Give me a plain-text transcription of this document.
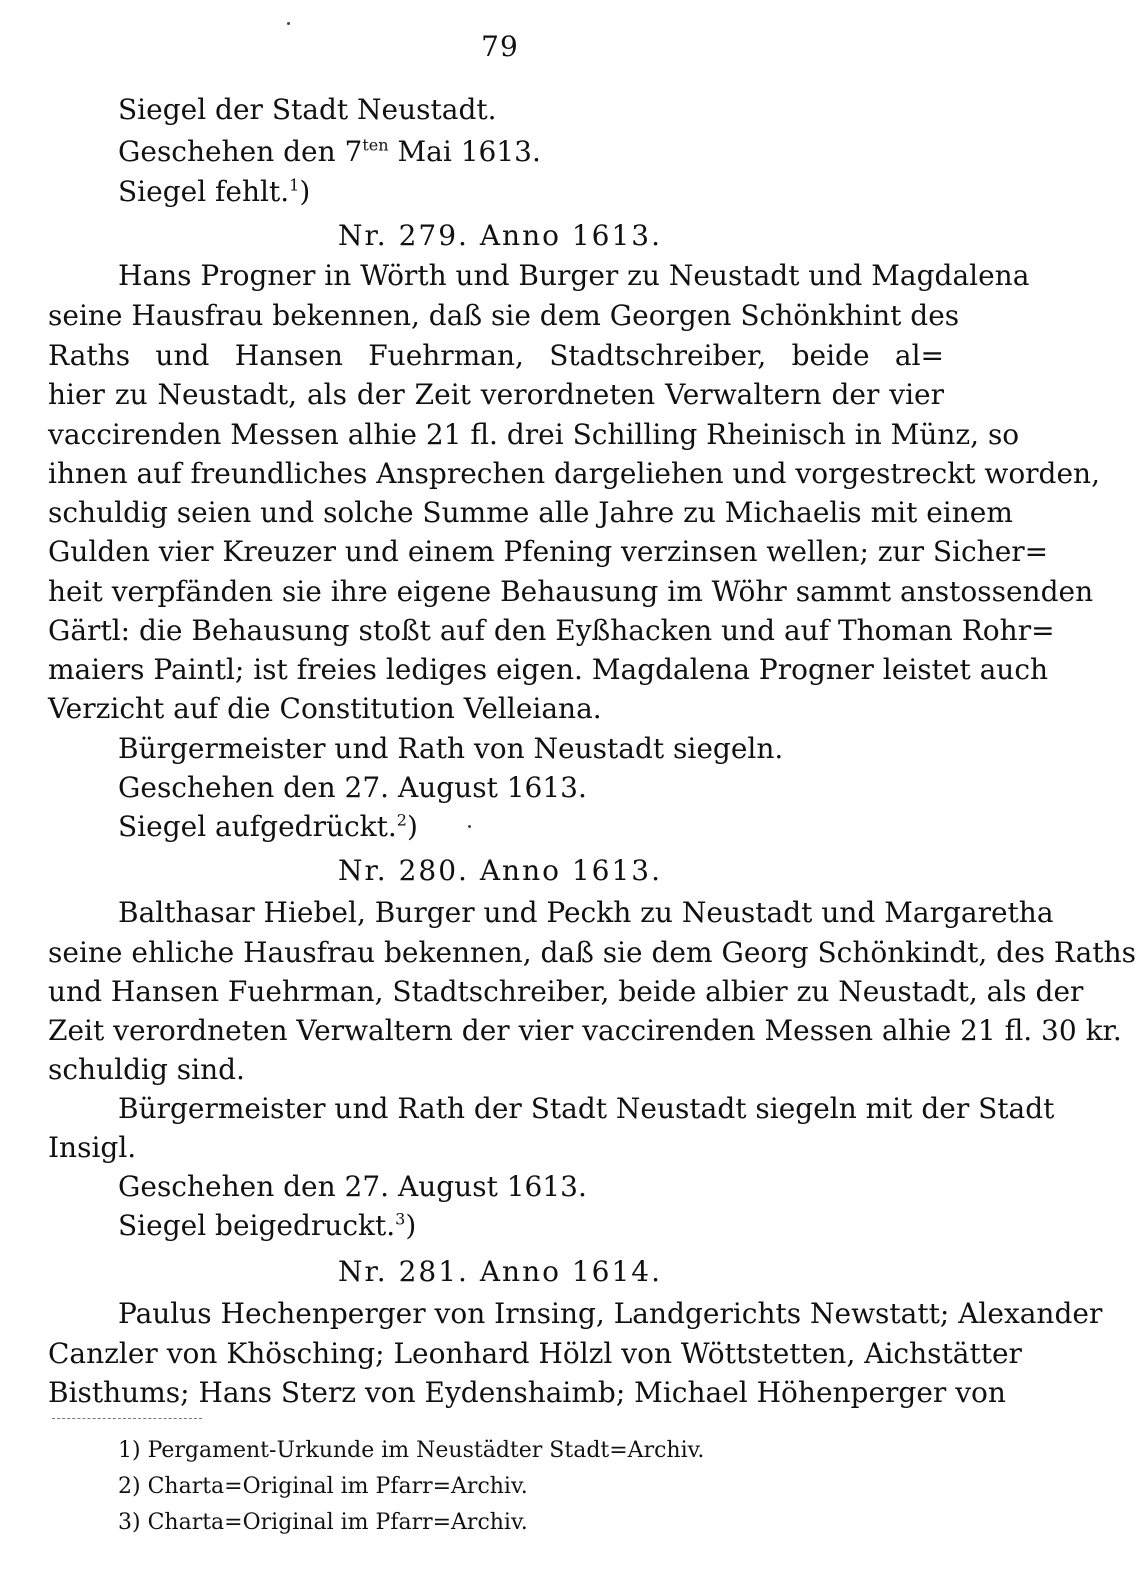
79
Siegel der Stadt Neustadt.
Geschehen den $7^{ten}$ Mai 1613.
Siegel fehlt.$^1$)
Nr. 279. Anno 1613.
Hans Progner in Wörth und Burger zu Neustadt und Magdalena
seine Hausfrau bekennen, daß sie dem Georgen Schönkhint des
Raths und Hansen Fuehrman, Stadtschreiber, beide al=
hier zu Neustadt, als der Zeit verordneten Verwaltern der vier
vaccirenden Messen alhie 21 fl. drei Schilling Rheinisch in Münz, so
ihnen auf freundliches Ansprechen dargeliehen und vorgestreckt worden,
schuldig seien und solche Summe alle Jahre zu Michaelis mit einem
Gulden vier Kreuzer und einem Pfening verzinsen wellen; zur Sicher=
heit verpfänden sie ihre eigene Behausung im Wöhr sammt anstossenden
Gärtl: die Behausung stoßt auf den Eyßhacken und auf Thoman Rohr=
maiers Paintl; ist freies lediges eigen. Magdalena Progner leistet auch
Verzicht auf die Constitution Velleiana.
Bürgermeister und Rath von Neustadt siegeln.
Geschehen den 27. August 1613.
Siegel aufgedrückt.$^2$)
Nr. 280. Anno 1613.
Balthasar Hiebel, Burger und Peckh zu Neustadt und Margaretha
seine ehliche Hausfrau bekennen, daß sie dem Georg Schönkindt, des Raths
und Hansen Fuehrman, Stadtschreiber, beide albier zu Neustadt, als der
Zeit verordneten Verwaltern der vier vaccirenden Messen alhie 21 fl. 30 kr.
schuldig sind.
Bürgermeister und Rath der Stadt Neustadt siegeln mit der Stadt
Insigl.
Geschehen den 27. August 1613.
Siegel beigedruckt.$^3$)
Nr. 281. Anno 1614.
Paulus Hechenperger von Irnsing, Landgerichts Newstatt; Alexander
Canzler von Khösching; Leonhard Hölzl von Wöttstetten, Aichstätter
Bisthums; Hans Sterz von Eydenshaimb; Michael Höhenperger von
1) Pergament-Urkunde im Neustädter Stadt=Archiv.
2) Charta=Original im Pfarr=Archiv.
3) Charta=Original im Pfarr=Archiv.
